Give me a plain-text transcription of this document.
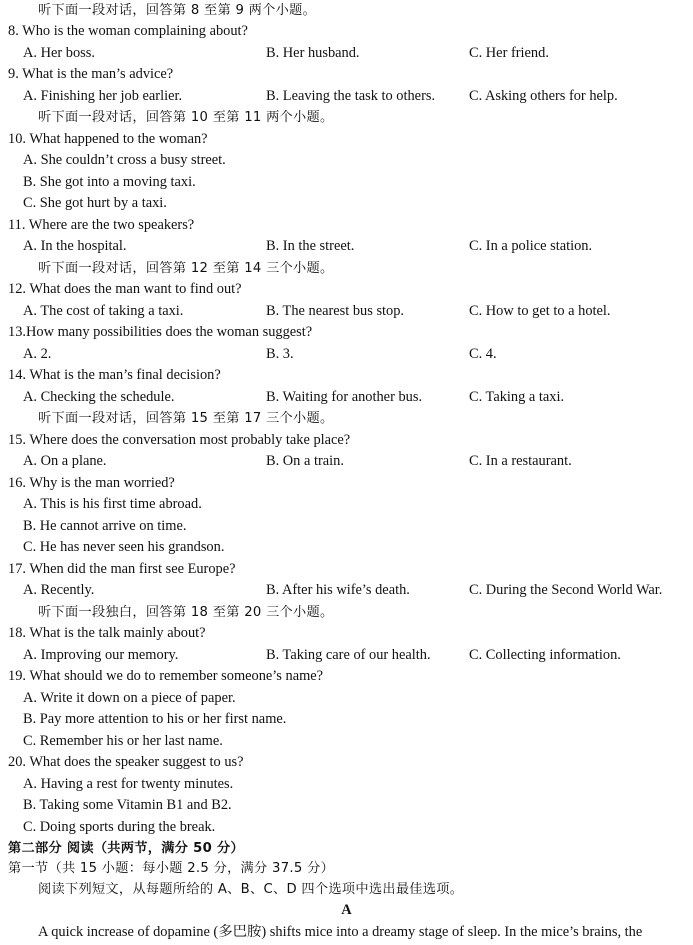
听下面一段对话，回答第 8 至第 9 两个小题。
8. Who is the woman complaining about?
A. Her boss.	B. Her husband.	C. Her friend.
9. What is the man’s advice?
A. Finishing her job earlier.	B. Leaving the task to others. C. Asking others for help.
听下面一段对话，回答第 10 至第 11 两个小题。
10. What happened to the woman?
A. She couldn’t cross a busy street.
B. She got into a moving taxi.
C. She got hurt by a taxi.
11. Where are the two speakers?
A. In the hospital.	B. In the street.	C. In a police station.
听下面一段对话，回答第 12 至第 14 三个小题。
12. What does the man want to find out?
A. The cost of taking a taxi.	B. The nearest bus stop.	C. How to get to a hotel.
13.How many possibilities does the woman suggest?
A. 2.	B. 3.	C. 4.
14. What is the man’s final decision?
A. Checking the schedule.	B. Waiting for another bus.	C. Taking a taxi.
听下面一段对话，回答第 15 至第 17 三个小题。
15. Where does the conversation most probably take place?
A. On a plane.	B. On a train.	C. In a restaurant.
16. Why is the man worried?
A. This is his first time abroad.
B. He cannot arrive on time.
C. He has never seen his grandson.
17. When did the man first see Europe?
A. Recently.	B. After his wife’s death.	C. During the Second World War.
听下面一段独白，回答第 18 至第 20 三个小题。
18. What is the talk mainly about?
A. Improving our memory.	B. Taking care of our health.	C. Collecting information.
19. What should we do to remember someone’s name?
A. Write it down on a piece of paper.
B. Pay more attention to his or her first name.
C. Remember his or her last name.
20. What does the speaker suggest to us?
A. Having a rest for twenty minutes.
B. Taking some Vitamin B1 and B2.
C. Doing sports during the break.
第二部分 阅读（共两节，满分 50 分）
第一节（共 15 小题：每小题 2.5 分，满分 37.5 分）
阅读下列短文，从每题所给的 A、B、C、D 四个选项中选出最佳选项。
A
A quick increase of dopamine (多巴胺) shifts mice into a dreamy stage of sleep. In the mice’s brains, the
